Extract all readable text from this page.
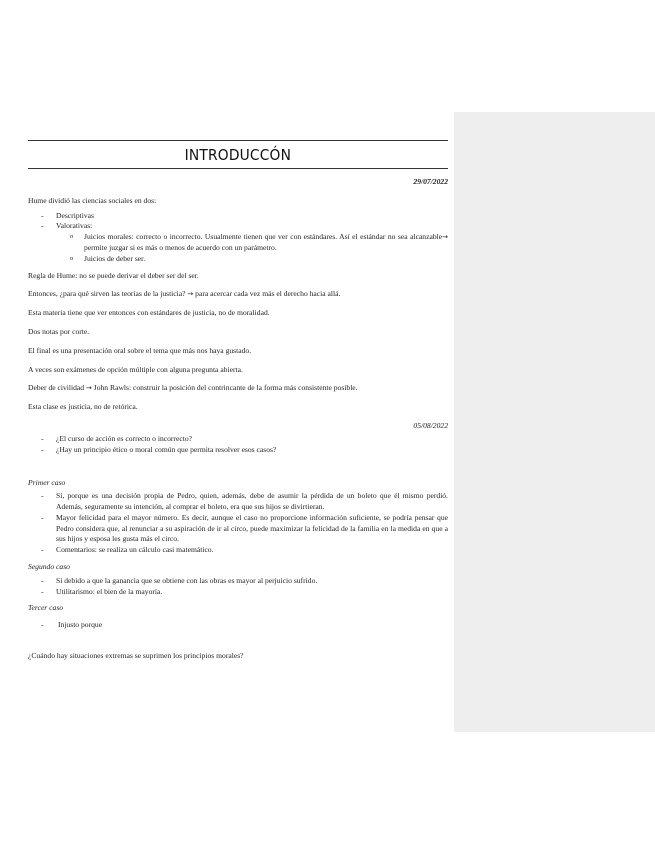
INTRODUCCÓN
29/07/2022
Hume dividió las ciencias sociales en dos:
- Descriptivas
- Valorativas:
o Juicios morales: correcto o incorrecto. Usualmente tienen que ver con estándares. Así el estándar no sea alcanzable→ permite juzgar si es más o menos de acuerdo con un parámetro.
o Juicios de deber ser.
Regla de Hume: no se puede derivar el deber ser del ser.
Entonces, ¿para qué sirven las teorías de la justicia? → para acercar cada vez más el derecho hacia allá.
Esta materia tiene que ver entonces con estándares de justicia, no de moralidad.
Dos notas por corte.
El final es una presentación oral sobre el tema que más nos haya gustado.
A veces son exámenes de opción múltiple con alguna pregunta abierta.
Deber de civilidad → John Rawls: construir la posición del contrincante de la forma más consistente posible.
Esta clase es justicia, no de retórica.
05/08/2022
- ¿El curso de acción es correcto o incorrecto?
- ¿Hay un principio ético o moral común que permita resolver esos casos?
Primer caso
- Sí, porque es una decisión propia de Pedro, quien, además, debe de asumir la pérdida de un boleto que él mismo perdió. Además, seguramente su intención, al comprar el boleto, era que sus hijos se divirtieran.
- Mayor felicidad para el mayor número. Es decir, aunque el caso no proporcione información suficiente, se podría pensar que Pedro considera que, al renunciar a su aspiración de ir al circo, puede maximizar la felicidad de la familia en la medida en que a sus hijos y esposa les gusta más el circo.
- Comentarios: se realiza un cálculo casi matemático.
Segundo caso
- Sí debido a que la ganancia que se obtiene con las obras es mayor al perjuicio sufrido.
- Utilitarismo: el bien de la mayoría.
Tercer caso
- Injusto porque
¿Cuándo hay situaciones extremas se suprimen los principios morales?
